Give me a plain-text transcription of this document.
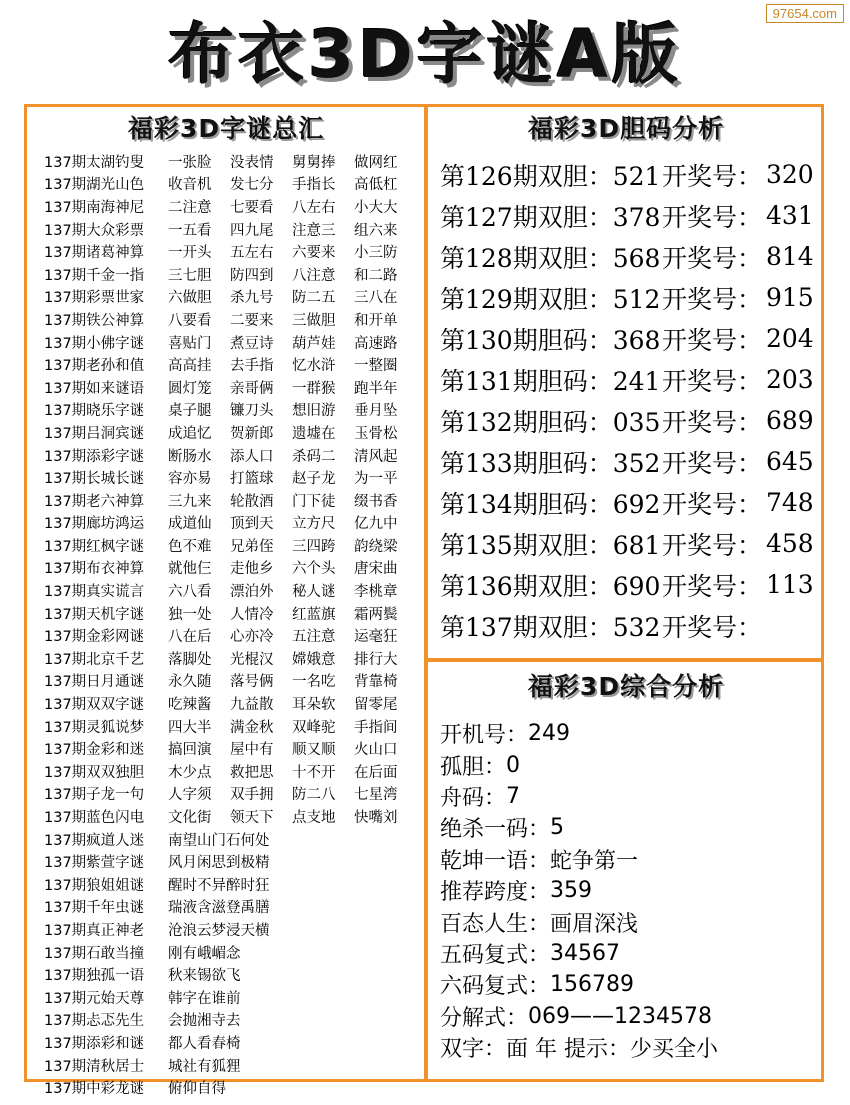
97654.com
布衣3D字谜A版
福彩3D字谜总汇
137期太湖钓叟	一张脸	没表情	舅舅捧	做网红
137期湖光山色	收音机	发七分	手指长	高低杠
137期南海神尼	二注意	七要看	八左右	小大大
137期大众彩票	一五看	四九尾	注意三	组六来
137期诸葛神算	一开头	五左右	六要来	小三防
137期千金一指	三七胆	防四到	八注意	和二路
137期彩票世家	六做胆	杀九号	防二五	三八在
137期铁公神算	八要看	二要来	三做胆	和开单
137期小佛字谜	喜贴门	煮豆诗	葫芦娃	高速路
137期老孙和值	高高挂	去手指	忆水浒	一整圈
137期如来谜语	圆灯笼	亲哥俩	一群猴	跑半年
137期晓乐字谜	桌子腿	镰刀头	想旧游	垂月坠
137期吕洞宾谜	成追忆	贺新郎	遗墟在	玉骨松
137期添彩字谜	断肠水	添人口	杀码二	清风起
137期长城长谜	容亦易	打篮球	赵子龙	为一平
137期老六神算	三九来	轮散酒	门下徒	缀书香
137期廊坊鸿运	成道仙	顶到天	立方尺	亿九中
137期红枫字谜	色不难	兄弟侄	三四跨	韵绕梁
137期布衣神算	就他仨	走他乡	六个头	唐宋曲
137期真实谎言	六八看	漂泊外	秘人谜	李桃章
137期天机字谜	独一处	人情冷	红蓝旗	霜两鬓
137期金彩网谜	八在后	心亦冷	五注意	运毫狂
137期北京千艺	落脚处	光棍汉	嫦娥意	排行大
137期日月通谜	永久随	落号俩	一名吃	背靠椅
137期双双字谜	吃辣酱	九益散	耳朵软	留零尾
137期灵狐说梦	四大半	满金秋	双峰驼	手指间
137期金彩和迷	搞回演	屋中有	顺又顺	火山口
137期双双独胆	木少点	救把思	十不开	在后面
137期子龙一句	人字须	双手拥	防二八	七星湾
137期蓝色闪电	文化街	领天下	点支地	快嘴刘
137期疯道人迷	南望山门石何处
137期紫萱字谜	风月闲思到极精
137期狼姐姐谜	醒时不异醉时狂
137期千年虫谜	瑞液含滋登禹膳
137期真正神老	沧浪云梦浸天横
137期石敢当撞	刚有峨嵋念
137期独孤一语	秋来锡欲飞
137期元始天尊	韩字在谁前
137期忐忑先生	会抛湘寺去
137期添彩和谜	都人看春椅
137期清秋居士	城社有狐狸
137期中彩龙谜	俯仰自得
福彩3D胆码分析
第126期双胆：521 开奖号： 320
第127期双胆：378 开奖号： 431
第128期双胆：568 开奖号： 814
第129期双胆：512 开奖号： 915
第130期胆码：368 开奖号： 204
第131期胆码：241 开奖号： 203
第132期胆码：035 开奖号： 689
第133期胆码：352 开奖号： 645
第134期胆码：692 开奖号： 748
第135期双胆：681 开奖号： 458
第136期双胆：690 开奖号： 113
第137期双胆：532 开奖号：
福彩3D综合分析
开机号： 249
孤胆： 0
舟码： 7
绝杀一码： 5
乾坤一语： 蛇争第一
推荐跨度： 359
百态人生： 画眉深浅
五码复式： 34567
六码复式： 156789
分解式： 069——1234578
双字： 面 年 提示：少买全小
